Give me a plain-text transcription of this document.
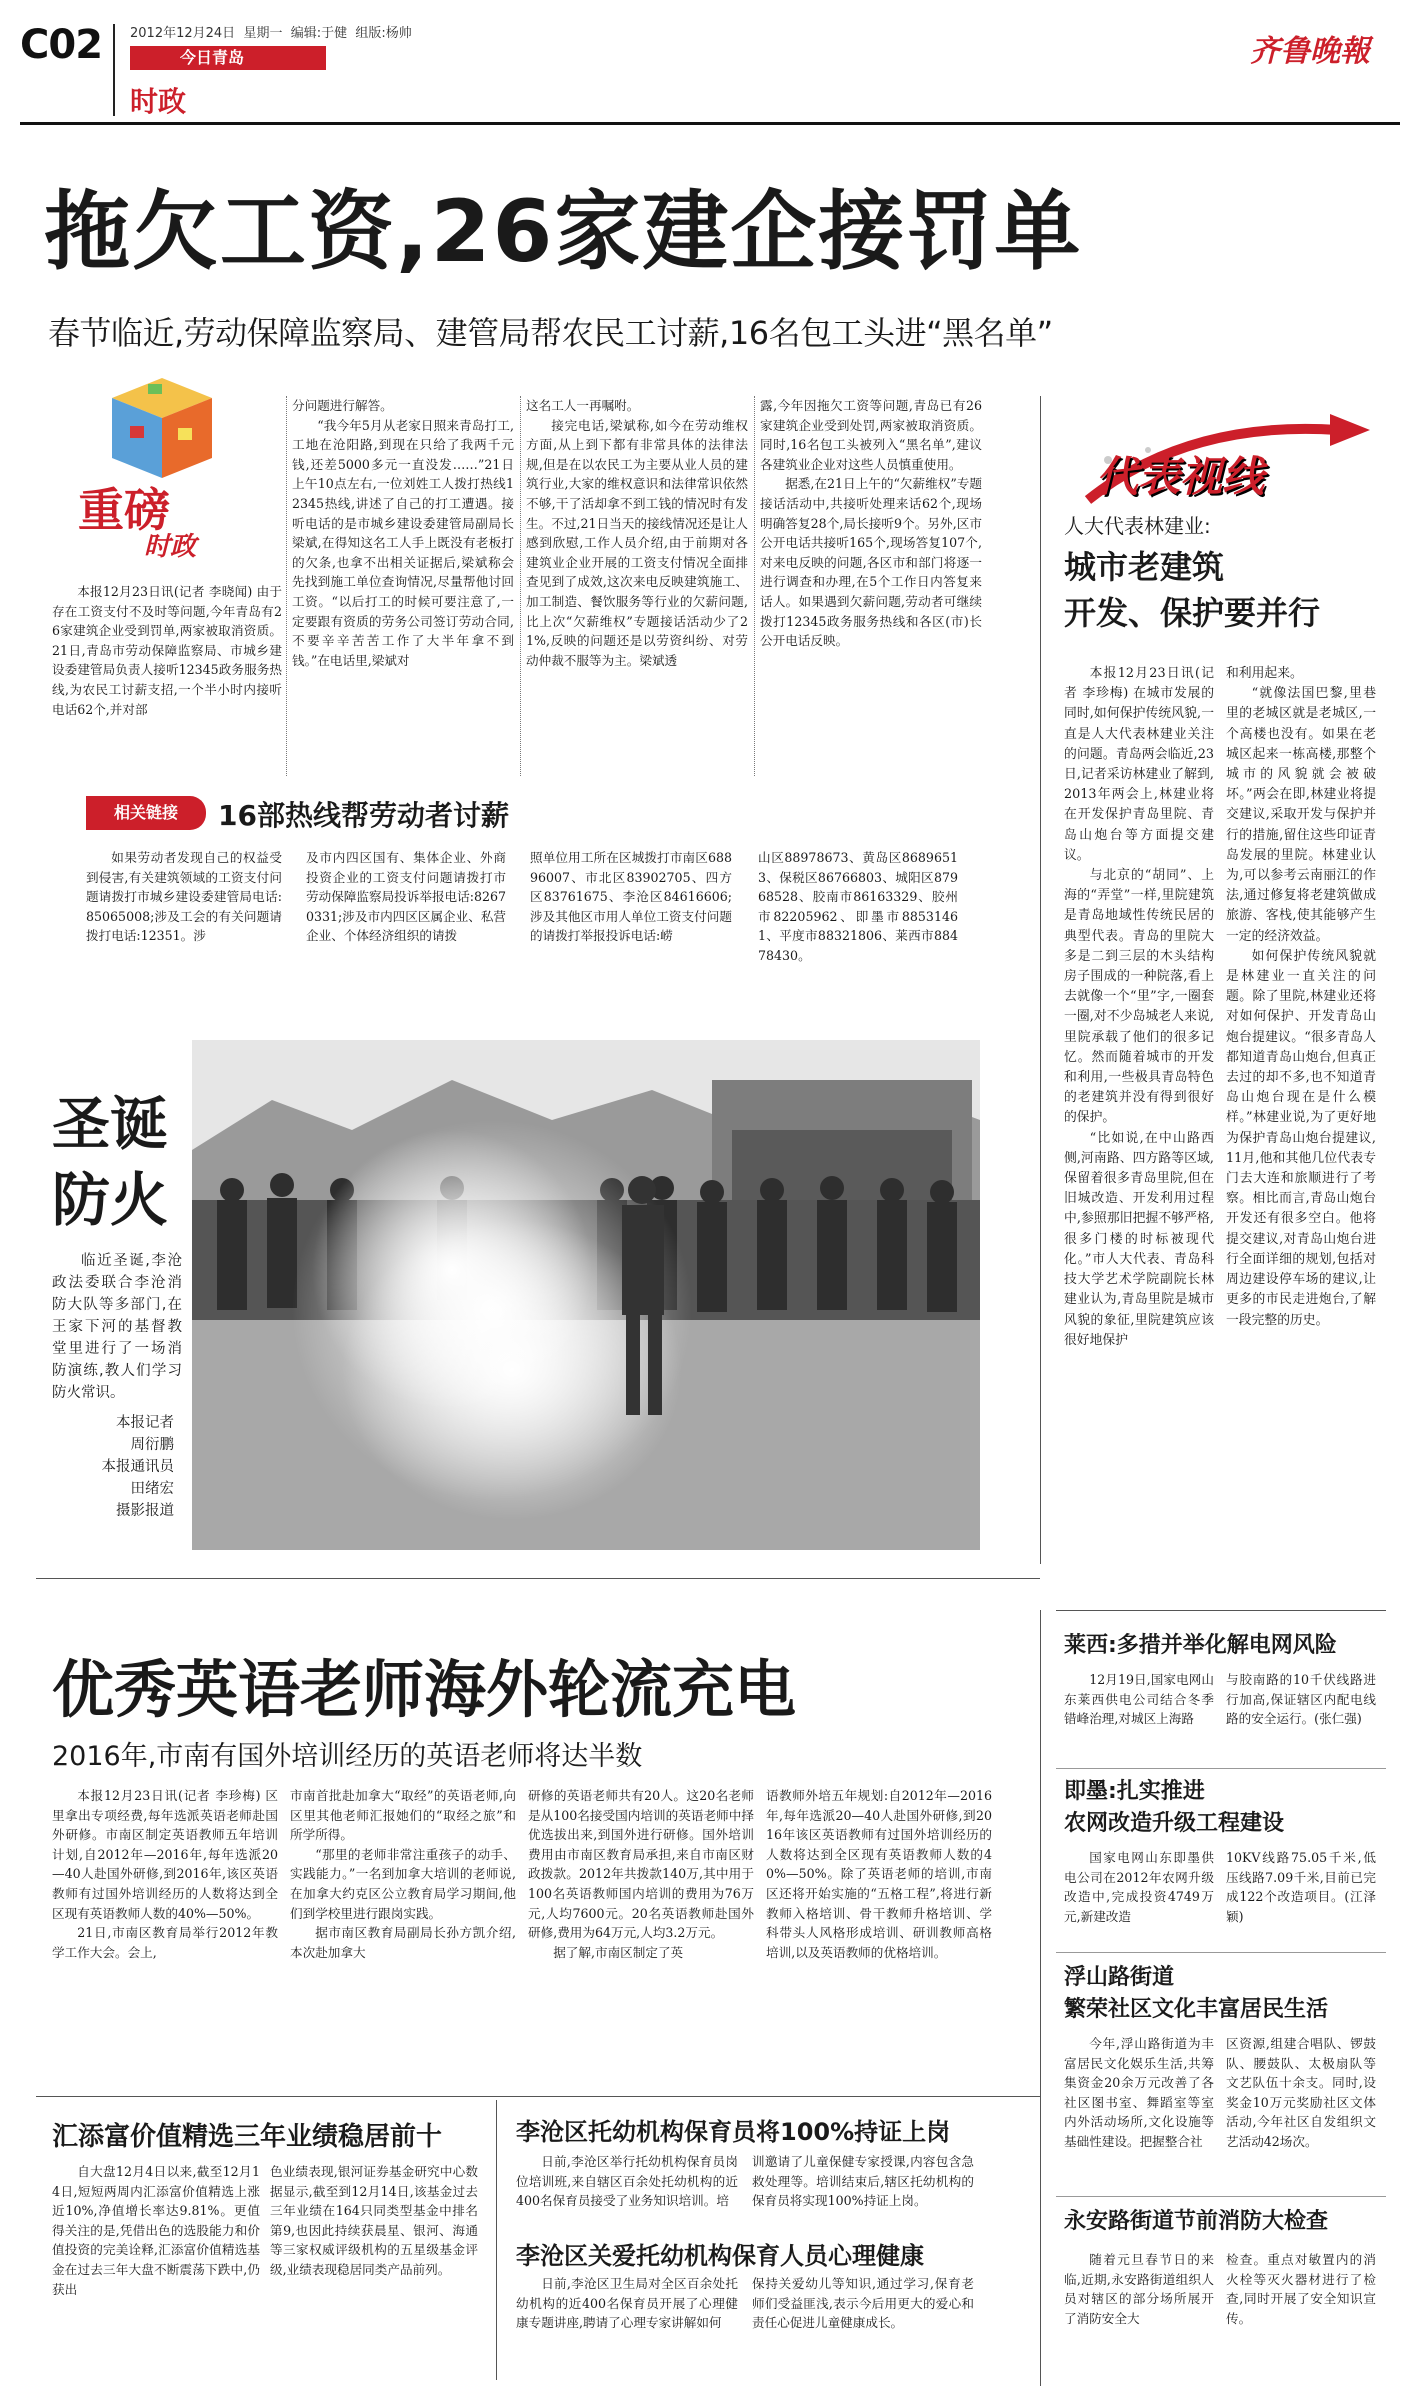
C02 2012年12月24日 星期一 编辑:于健 组版:杨帅
今日青岛
时政
齐鲁晚報
拖欠工资,26家建企接罚单
春节临近,劳动保障监察局、建管局帮农民工讨薪,16名包工头进“黑名单”
重磅
时政

本报12月23日讯(记者 李晓闻) 由于存在工资支付不及时等问题,今年青岛有26家建筑企业受到罚单,两家被取消资质。21日,青岛市劳动保障监察局、市城乡建设委建管局负责人接听12345政务服务热线,为农民工讨薪支招,一个半小时内接听电话62个,并对部

分问题进行解答。

“我今年5月从老家日照来青岛打工,工地在沧阳路,到现在只给了我两千元钱,还差5000多元一直没发……”21日上午10点左右,一位刘姓工人拨打热线12345热线,讲述了自己的打工遭遇。接听电话的是市城乡建设委建管局副局长梁斌,在得知这名工人手上既没有老板打的欠条,也拿不出相关证据后,梁斌称会先找到施工单位查询情况,尽量帮他讨回工资。“以后打工的时候可要注意了,一定要跟有资质的劳务公司签订劳动合同,不要辛辛苦苦工作了大半年拿不到钱。”在电话里,梁斌对

这名工人一再嘱咐。

接完电话,梁斌称,如今在劳动维权方面,从上到下都有非常具体的法律法规,但是在以农民工为主要从业人员的建筑行业,大家的维权意识和法律常识依然不够,干了活却拿不到工钱的情况时有发生。不过,21日当天的接线情况还是让人感到欣慰,工作人员介绍,由于前期对各建筑业企业开展的工资支付情况全面排查见到了成效,这次来电反映建筑施工、加工制造、餐饮服务等行业的欠薪问题,比上次“欠薪维权”专题接话活动少了21%,反映的问题还是以劳资纠纷、对劳动仲裁不服等为主。梁斌透

露,今年因拖欠工资等问题,青岛已有26家建筑企业受到处罚,两家被取消资质。同时,16名包工头被列入“黑名单”,建议各建筑业企业对这些人员慎重使用。

据悉,在21日上午的“欠薪维权”专题接话活动中,共接听处理来话62个,现场明确答复28个,局长接听9个。另外,区市公开电话共接听165个,现场答复107个,对来电反映的问题,各区市和部门将逐一进行调查和办理,在5个工作日内答复来话人。如果遇到欠薪问题,劳动者可继续拨打12345政务服务热线和各区(市)长公开电话反映。

相关链接	16部热线帮劳动者讨薪

如果劳动者发现自己的权益受到侵害,有关建筑领域的工资支付问题请拨打市城乡建设委建管局电话:85065008;涉及工会的有关问题请拨打电话:12351。涉

及市内四区国有、集体企业、外商投资企业的工资支付问题请拨打市劳动保障监察局投诉举报电话:82670331;涉及市内四区区属企业、私营企业、个体经济组织的请拨

照单位用工所在区城拨打市南区68896007、市北区83902705、四方区83761675、李沧区84616606;涉及其他区市用人单位工资支付问题的请拨打举报投诉电话:崂

山区88978673、黄岛区86896513、保税区86766803、城阳区87968528、胶南市86163329、胶州市82205962、即墨市88531461、平度市88321806、莱西市88478430。

圣诞
防火

临近圣诞,李沧政法委联合李沧消防大队等多部门,在王家下河的基督教堂里进行了一场消防演练,教人们学习防火常识。

本报记者
周衍鹏
本报通讯员
田绪宏
摄影报道
代表视线
人大代表林建业:
城市老建筑
开发、保护要并行

本报12月23日讯(记者 李珍梅) 在城市发展的同时,如何保护传统风貌,一直是人大代表林建业关注的问题。青岛两会临近,23日,记者采访林建业了解到,2013年两会上,林建业将在开发保护青岛里院、青岛山炮台等方面提交建议。

与北京的“胡同”、上海的“弄堂”一样,里院建筑是青岛地域性传统民居的典型代表。青岛的里院大多是二到三层的木头结构房子围成的一种院落,看上去就像一个“里”字,一圈套一圈,对不少岛城老人来说,里院承载了他们的很多记忆。然而随着城市的开发和利用,一些极具青岛特色的老建筑并没有得到很好的保护。

“比如说,在中山路西侧,河南路、四方路等区域,保留着很多青岛里院,但在旧城改造、开发利用过程中,参照那旧把握不够严格,很多门楼的时标被现代化。”市人大代表、青岛科技大学艺术学院副院长林建业认为,青岛里院是城市风貌的象征,里院建筑应该很好地保护

和利用起来。

“就像法国巴黎,里巷里的老城区就是老城区,一个高楼也没有。如果在老城区起来一栋高楼,那整个城市的风貌就会被破坏。”两会在即,林建业将提交建议,采取开发与保护并行的措施,留住这些印证青岛发展的里院。林建业认为,可以参考云南丽江的作法,通过修复将老建筑做成旅游、客栈,使其能够产生一定的经济效益。

如何保护传统风貌就是林建业一直关注的问题。除了里院,林建业还将对如何保护、开发青岛山炮台提建议。“很多青岛人都知道青岛山炮台,但真正去过的却不多,也不知道青岛山炮台现在是什么模样。”林建业说,为了更好地为保护青岛山炮台提建议,11月,他和其他几位代表专门去大连和旅顺进行了考察。相比而言,青岛山炮台开发还有很多空白。他将提交建议,对青岛山炮台进行全面详细的规划,包括对周边建设停车场的建议,让更多的市民走进炮台,了解一段完整的历史。

优秀英语老师海外轮流充电
2016年,市南有国外培训经历的英语老师将达半数

本报12月23日讯(记者 李珍梅) 区里拿出专项经费,每年选派英语老师赴国外研修。市南区制定英语教师五年培训计划,自2012年—2016年,每年选派20—40人赴国外研修,到2016年,该区英语教师有过国外培训经历的人数将达到全区现有英语教师人数的40%—50%。

21日,市南区教育局举行2012年教学工作大会。会上,

市南首批赴加拿大“取经”的英语老师,向区里其他老师汇报她们的“取经之旅”和所学所得。

“那里的老师非常注重孩子的动手、实践能力。”一名到加拿大培训的老师说,在加拿大约克区公立教育局学习期间,他们到学校里进行跟岗实践。

据市南区教育局副局长孙方凯介绍,本次赴加拿大

研修的英语老师共有20人。这20名老师是从100名接受国内培训的英语老师中择优选拔出来,到国外进行研修。国外培训费用由市南区教育局承担,来自市南区财政拨款。2012年共拨款140万,其中用于100名英语教师国内培训的费用为76万元,人均7600元。20名英语教师赴国外研修,费用为64万元,人均3.2万元。

据了解,市南区制定了英

语教师外培五年规划:自2012年—2016年,每年选派20—40人赴国外研修,到2016年该区英语教师有过国外培训经历的人数将达到全区现有英语教师人数的40%—50%。除了英语老师的培训,市南区还将开始实施的“五格工程”,将进行新教师入格培训、骨干教师升格培训、学科带头人风格形成培训、研训教师高格培训,以及英语教师的优格培训。

汇添富价值精选三年业绩稳居前十

自大盘12月4日以来,截至12月14日,短短两周内汇添富价值精选上涨近10%,净值增长率达9.81%。更值得关注的是,凭借出色的选股能力和价值投资的完美诠释,汇添富价值精选基金在过去三年大盘不断震荡下跌中,仍获出

色业绩表现,银河证券基金研究中心数据显示,截至到12月14日,该基金过去三年业绩在164只同类型基金中排名第9,也因此持续获晨星、银河、海通等三家权威评级机构的五星级基金评级,业绩表现稳居同类产品前列。

李沧区托幼机构保育员将100%持证上岗

日前,李沧区举行托幼机构保育员岗位培训班,来自辖区百余处托幼机构的近400名保育员接受了业务知识培训。培

训邀请了儿童保健专家授课,内容包含急救处理等。培训结束后,辖区托幼机构的保育员将实现100%持证上岗。

李沧区关爱托幼机构保育人员心理健康

日前,李沧区卫生局对全区百余处托幼机构的近400名保育员开展了心理健康专题讲座,聘请了心理专家讲解如何

保持关爱幼儿等知识,通过学习,保育老师们受益匪浅,表示今后用更大的爱心和责任心促进儿童健康成长。

莱西:多措并举化解电网风险

12月19日,国家电网山东莱西供电公司结合冬季错峰治理,对城区上海路

与胶南路的10千伏线路进行加高,保证辖区内配电线路的安全运行。(张仁强)

即墨:扎实推进
农网改造升级工程建设

国家电网山东即墨供电公司在2012年农网升级改造中,完成投资4749万元,新建改造

10KV线路75.05千米,低压线路7.09千米,目前已完成122个改造项目。(江泽颖)

浮山路街道
繁荣社区文化丰富居民生活

今年,浮山路街道为丰富居民文化娱乐生活,共筹集资金20余万元改善了各社区图书室、舞蹈室等室内外活动场所,文化设施等基础性建设。把握整合社

区资源,组建合唱队、锣鼓队、腰鼓队、太极扇队等文艺队伍十余支。同时,设奖金10万元奖励社区文体活动,今年社区自发组织文艺活动42场次。

永安路街道节前消防大检查

随着元旦春节日的来临,近期,永安路街道组织人员对辖区的部分场所展开了消防安全大

检查。重点对敏置内的消火栓等灭火器材进行了检查,同时开展了安全知识宣传。
